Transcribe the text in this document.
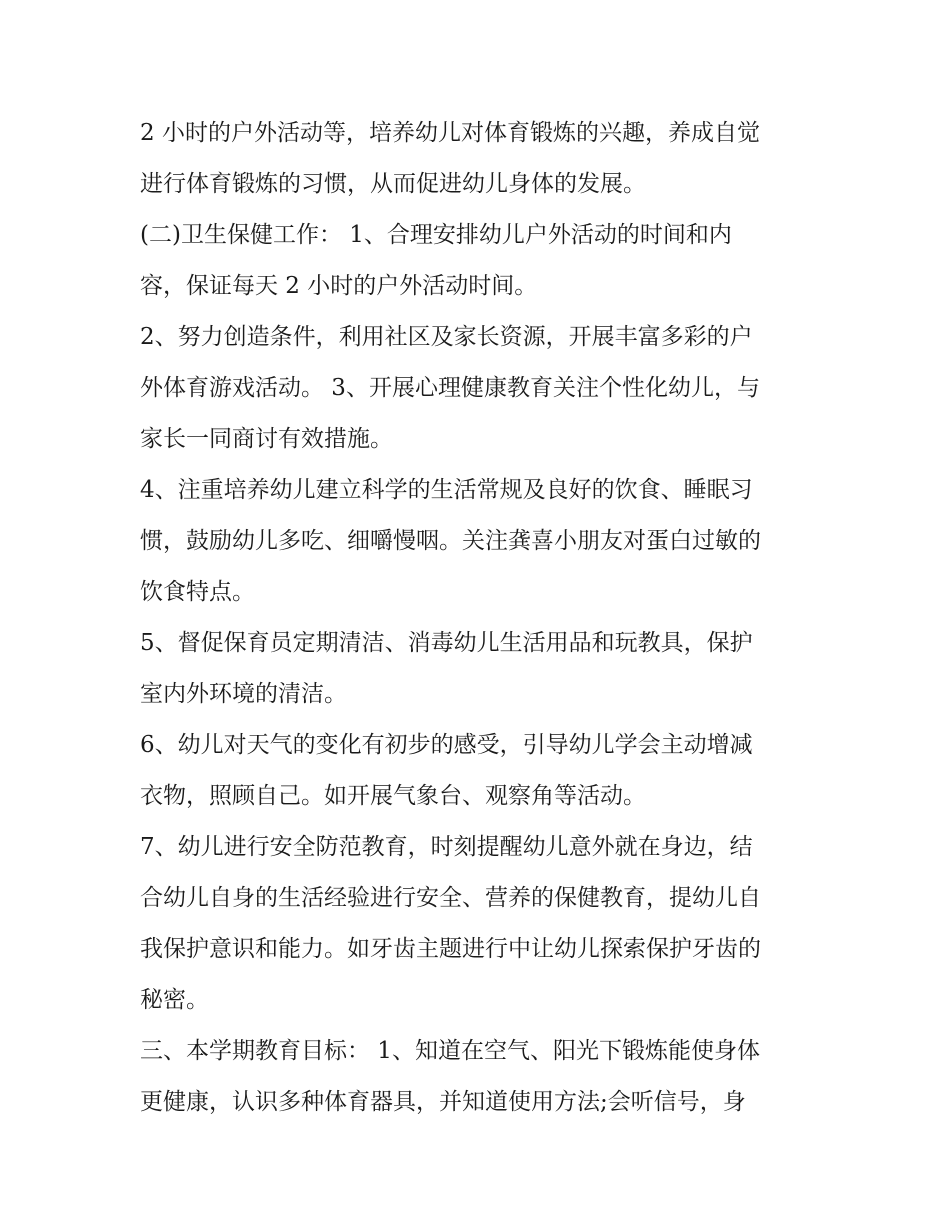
2 小时的户外活动等，培养幼儿对体育锻炼的兴趣，养成自觉
进行体育锻炼的习惯，从而促进幼儿身体的发展。

(二)卫生保健工作： 1、合理安排幼儿户外活动的时间和内
容，保证每天 2 小时的户外活动时间。

2、努力创造条件，利用社区及家长资源，开展丰富多彩的户
外体育游戏活动。 3、开展心理健康教育关注个性化幼儿，与
家长一同商讨有效措施。

4、注重培养幼儿建立科学的生活常规及良好的饮食、睡眠习
惯，鼓励幼儿多吃、细嚼慢咽。关注龚喜小朋友对蛋白过敏的
饮食特点。

5、督促保育员定期清洁、消毒幼儿生活用品和玩教具，保护
室内外环境的清洁。

6、幼儿对天气的变化有初步的感受，引导幼儿学会主动增减
衣物，照顾自己。如开展气象台、观察角等活动。

7、幼儿进行安全防范教育，时刻提醒幼儿意外就在身边，结
合幼儿自身的生活经验进行安全、营养的保健教育，提幼儿自
我保护意识和能力。如牙齿主题进行中让幼儿探索保护牙齿的
秘密。

三、本学期教育目标： 1、知道在空气、阳光下锻炼能使身体
更健康，认识多种体育器具，并知道使用方法;会听信号，身
